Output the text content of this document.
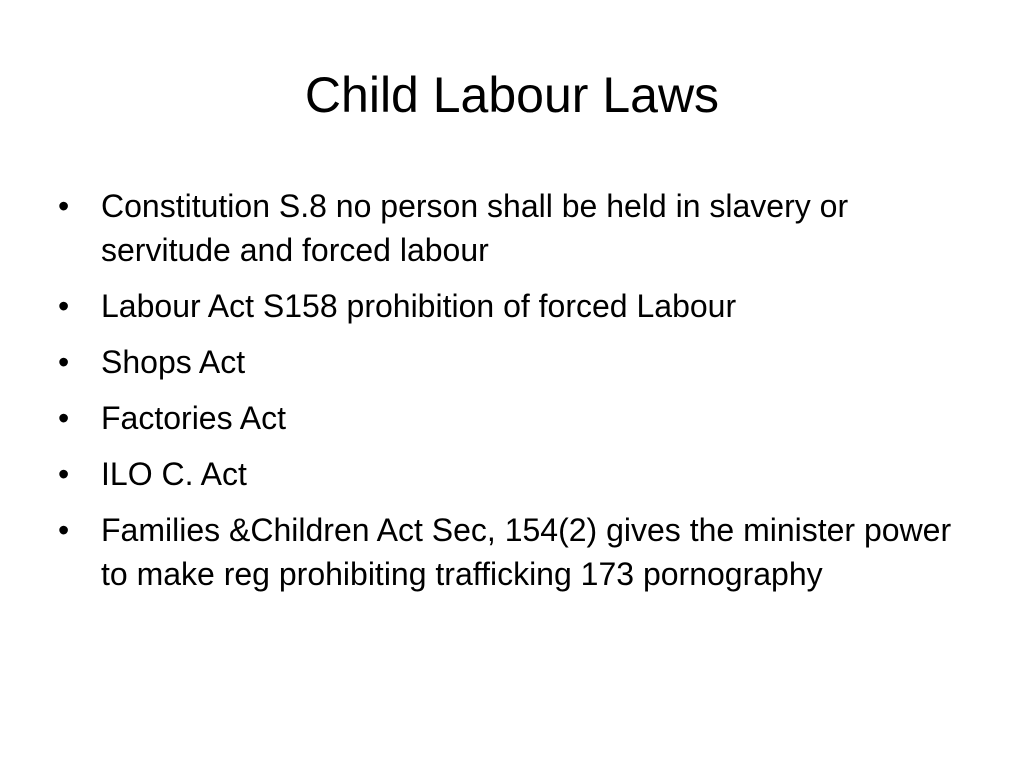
Child Labour Laws
• Constitution S.8 no person shall be held in slavery or servitude and forced labour
• Labour Act S158 prohibition of forced Labour
• Shops Act
• Factories Act
• ILO C. Act
• Families &Children Act Sec, 154(2) gives the minister power to make reg prohibiting trafficking 173 pornography
